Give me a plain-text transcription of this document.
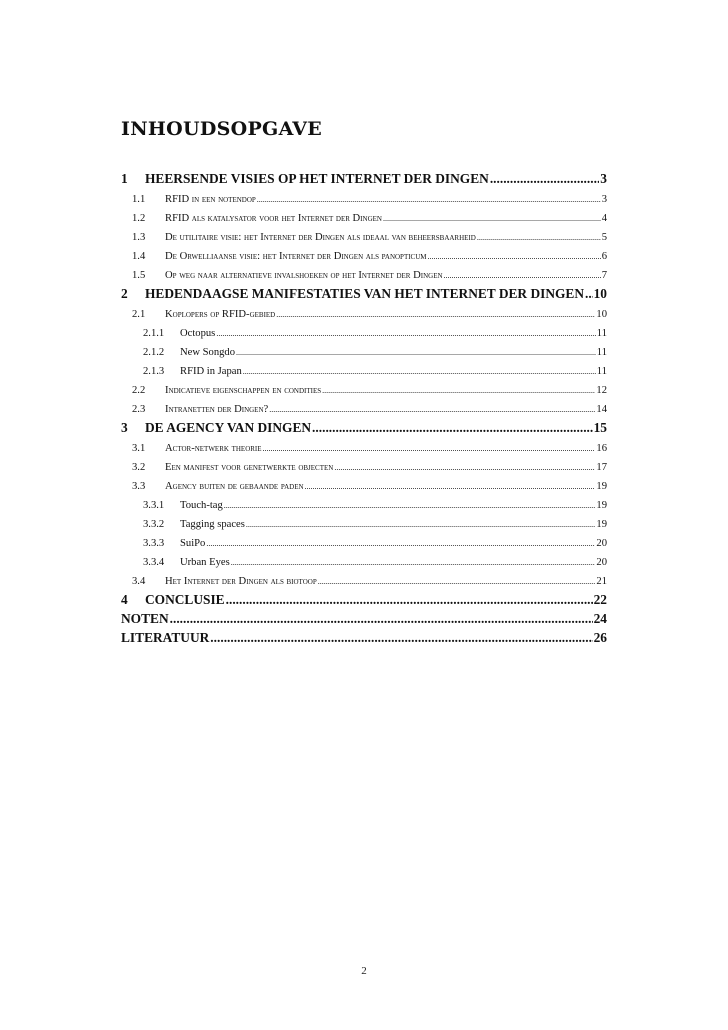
INHOUDSOPGAVE
1	HEERSENDE VISIES OP HET INTERNET DER DINGEN .....	3
1.1	RFID in een notendop .....	3
1.2	RFID als katalysator voor het Internet der Dingen .....	4
1.3	De utilitaire visie: het Internet der Dingen als ideaal van beheersbaarheid .....	5
1.4	De Orwelliaanse visie: het Internet der Dingen als panopticum .....	6
1.5	Op weg naar alternatieve invalshoeken op het Internet der Dingen .....	7
2	HEDENDAAGSE MANIFESTATIES VAN HET INTERNET DER DINGEN ..... 10
2.1	Koplopers op RFID-gebied .....	10
2.1.1	Octopus .....	11
2.1.2	New Songdo .....	11
2.1.3	RFID in Japan .....	11
2.2	Indicatieve eigenschappen en condities .....	12
2.3	Intranetten der Dingen? .....	14
3	DE AGENCY VAN DINGEN .....	15
3.1	Actor-netwerk theorie .....	16
3.2	Een manifest voor genetwerkte objecten .....	17
3.3	Agency buiten de gebaande paden .....	19
3.3.1	Touch-tag .....	19
3.3.2	Tagging spaces .....	19
3.3.3	SuiPo .....	20
3.3.4	Urban Eyes .....	20
3.4	Het Internet der Dingen als biotoop .....	21
4	CONCLUSIE .....	22
NOTEN .....	24
LITERATUUR .....	26
2
